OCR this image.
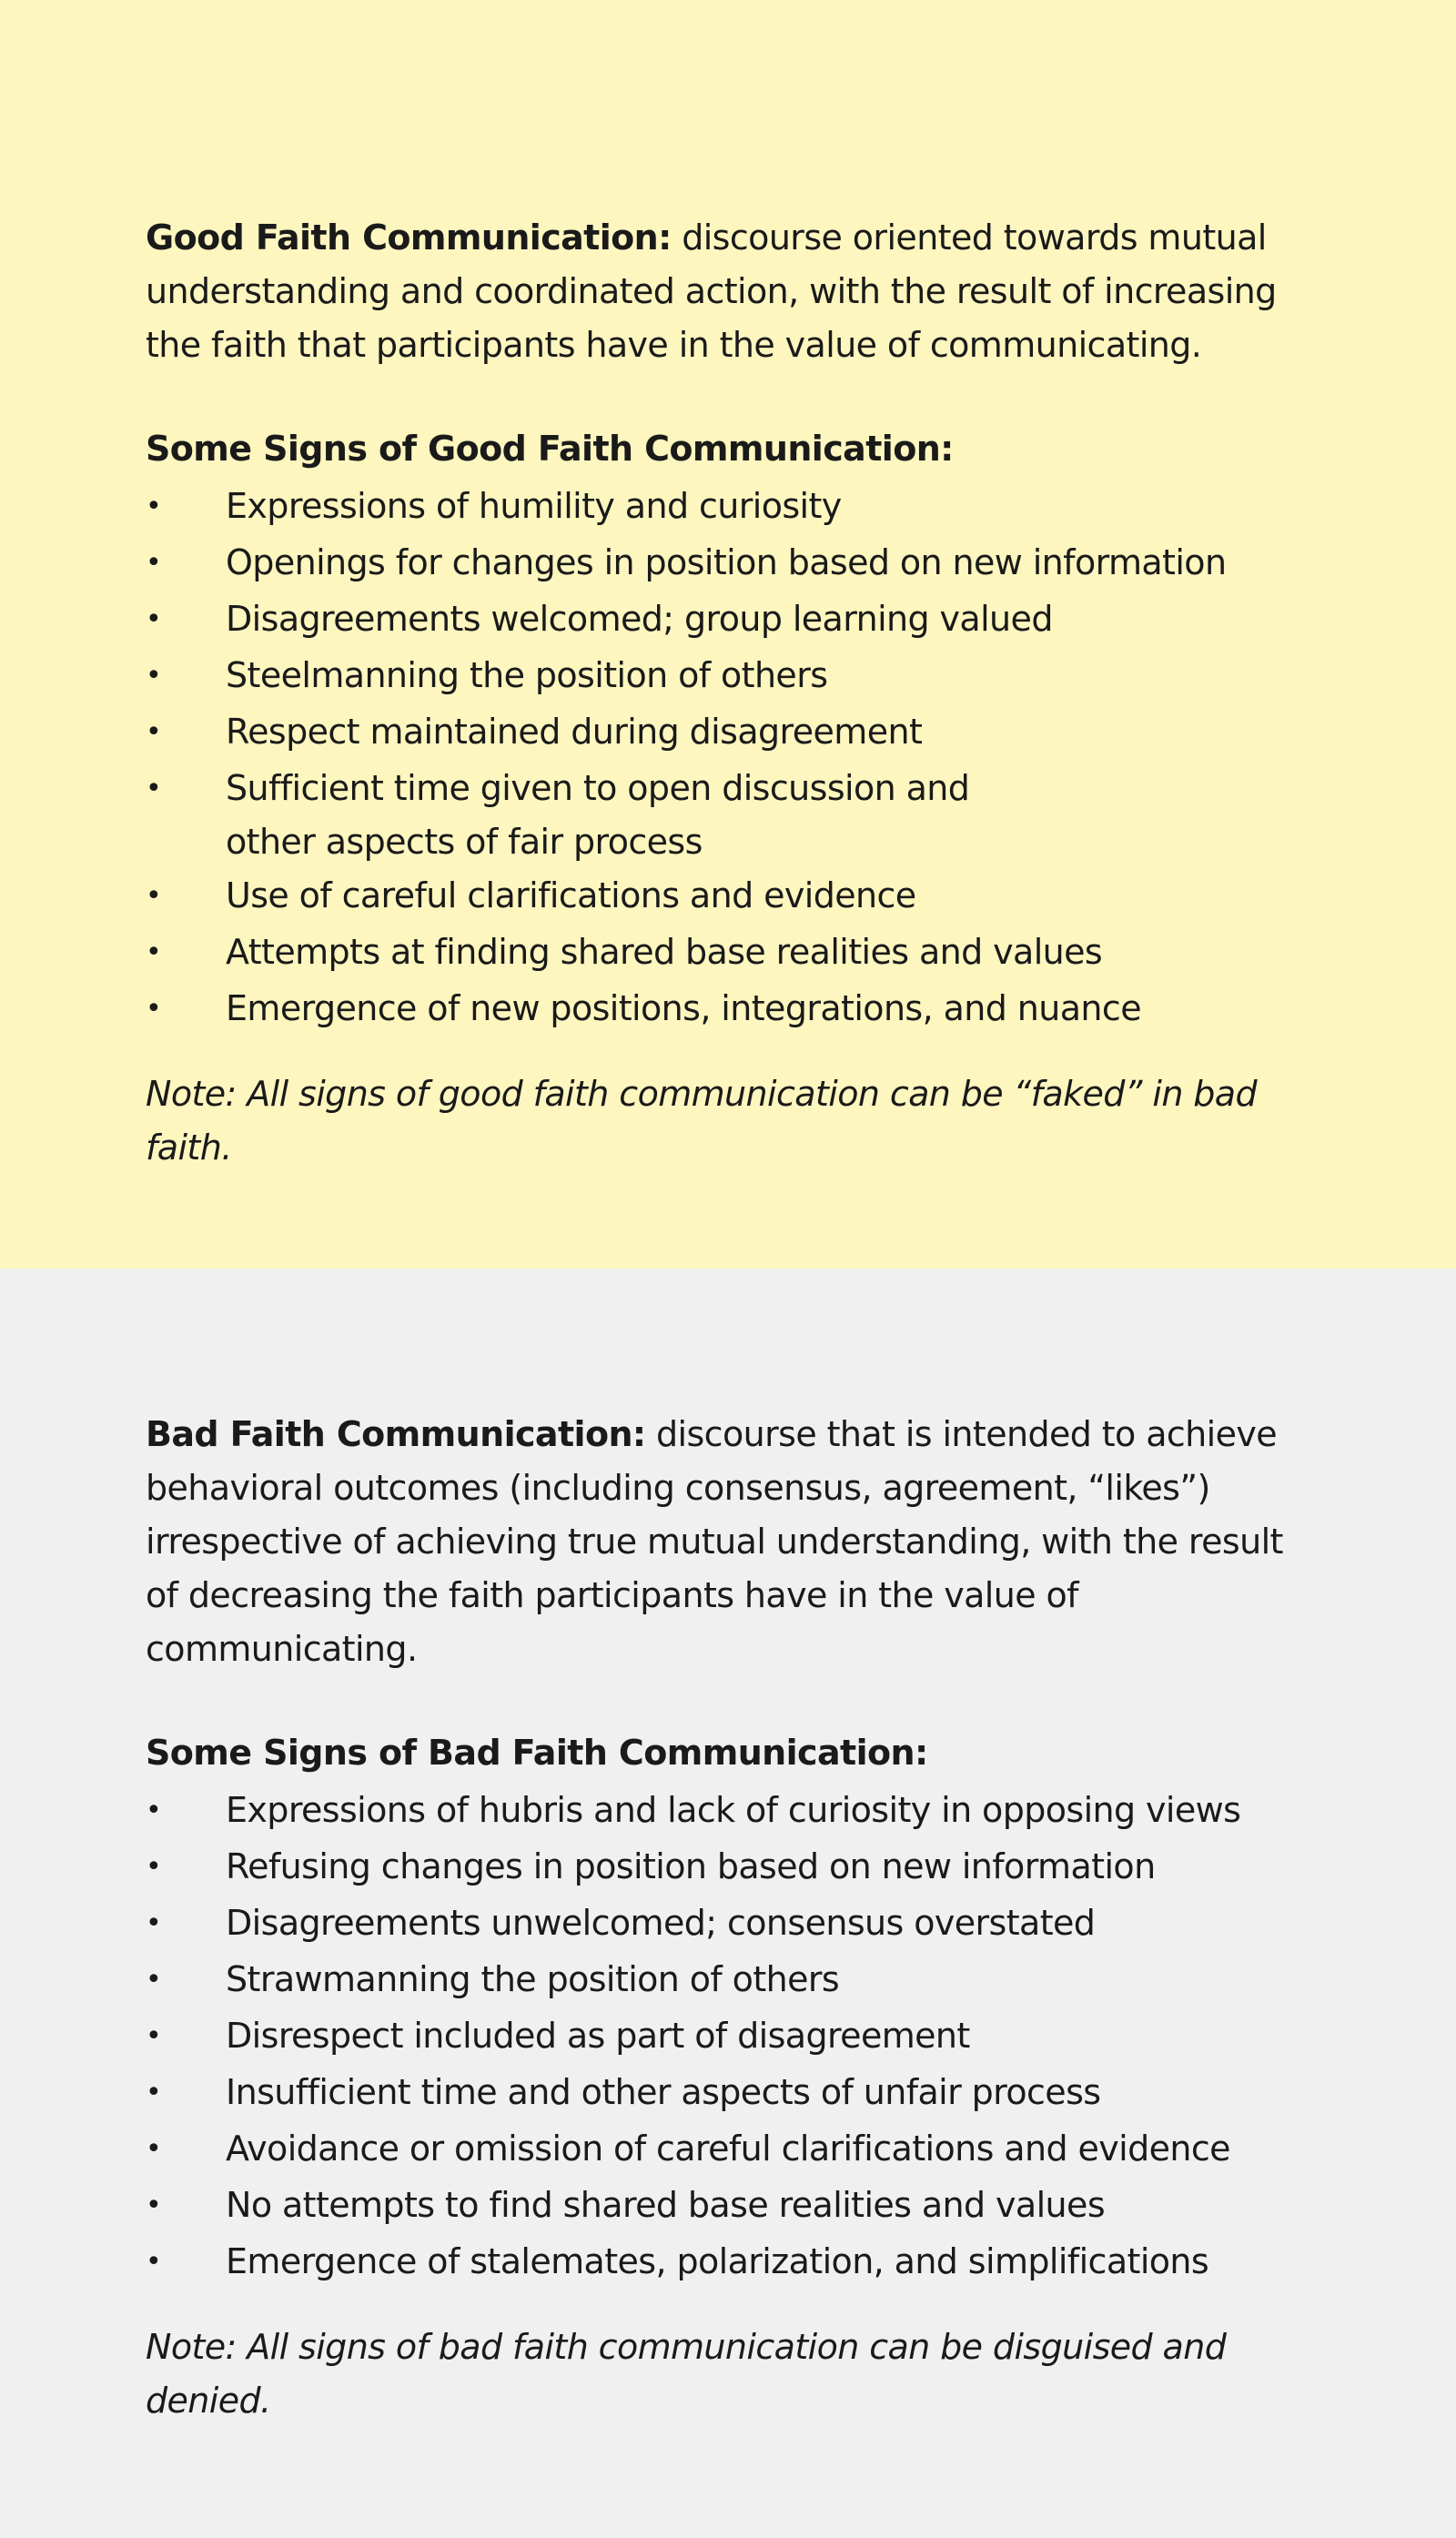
Good Faith Communication: discourse oriented towards mutual understanding and coordinated action, with the result of increasing the faith that participants have in the value of communicating.

Some Signs of Good Faith Communication:
• Expressions of humility and curiosity
• Openings for changes in position based on new information
• Disagreements welcomed; group learning valued
• Steelmanning the position of others
• Respect maintained during disagreement
• Sufficient time given to open discussion and other aspects of fair process
• Use of careful clarifications and evidence
• Attempts at finding shared base realities and values
• Emergence of new positions, integrations, and nuance

Note: All signs of good faith communication can be “faked” in bad faith.

Bad Faith Communication: discourse that is intended to achieve behavioral outcomes (including consensus, agreement, “likes”) irrespective of achieving true mutual understanding, with the result of decreasing the faith participants have in the value of communicating.

Some Signs of Bad Faith Communication:
• Expressions of hubris and lack of curiosity in opposing views
• Refusing changes in position based on new information
• Disagreements unwelcomed; consensus overstated
• Strawmanning the position of others
• Disrespect included as part of disagreement
• Insufficient time and other aspects of unfair process
• Avoidance or omission of careful clarifications and evidence
• No attempts to find shared base realities and values
• Emergence of stalemates, polarization, and simplifications

Note: All signs of bad faith communication can be disguised and denied.
